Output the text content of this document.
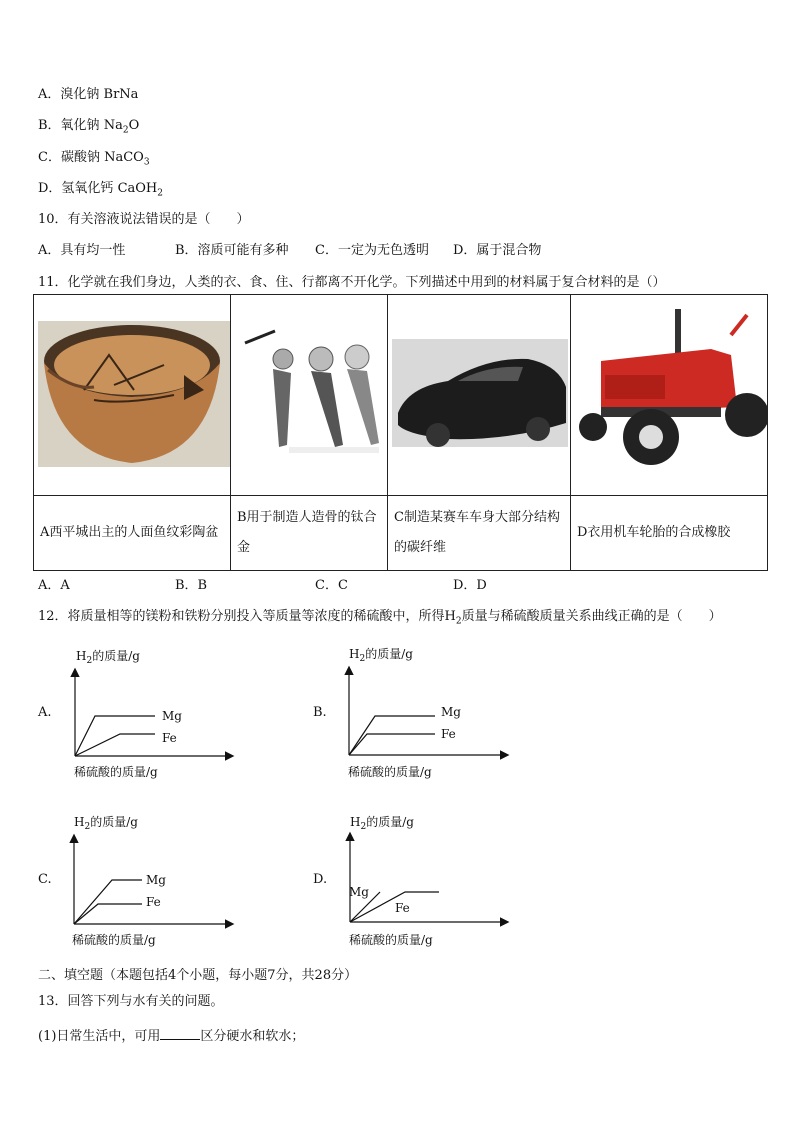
A．溴化钠 BrNa
B．氧化钠 $Na_2O$
C．碳酸钠 NaCO$_3$
D．氢氧化钙 CaOH$_2$
10．有关溶液说法错误的是（　　）
A．具有均一性	B．溶质可能有多种 C．一定为无色透明 D．属于混合物
11．化学就在我们身边，人类的衣、食、住、行都离不开化学。下列描述中用到的材料属于复合材料的是（）

A西平城出主的人面鱼纹彩陶盆	B用于制造人造骨的钛合金	C制造某赛车车身大部分结构的碳纤维	D衣用机车轮胎的合成橡胶
A．A	B．B	C．C	D．D
12．将质量相等的镁粉和铁粉分别投入等质量等浓度的稀硫酸中，所得$H_2$质量与稀硫酸质量关系曲线正确的是（　　）
A.	B.
C.	D.
$H_2$的质量/g
Mg
Fe
稀硫酸的质量/g
$H_2$的质量/g
Mg
Fe
稀硫酸的质量/g
$H_2$的质量/g
Mg
Fe
稀硫酸的质量/g
$H_2$的质量/g
Mg
Fe
稀硫酸的质量/g
二、填空题（本题包括4个小题，每小题7分，共28分）
13．回答下列与水有关的问题。
(1)日常生活中，可用	区分硬水和软水；
